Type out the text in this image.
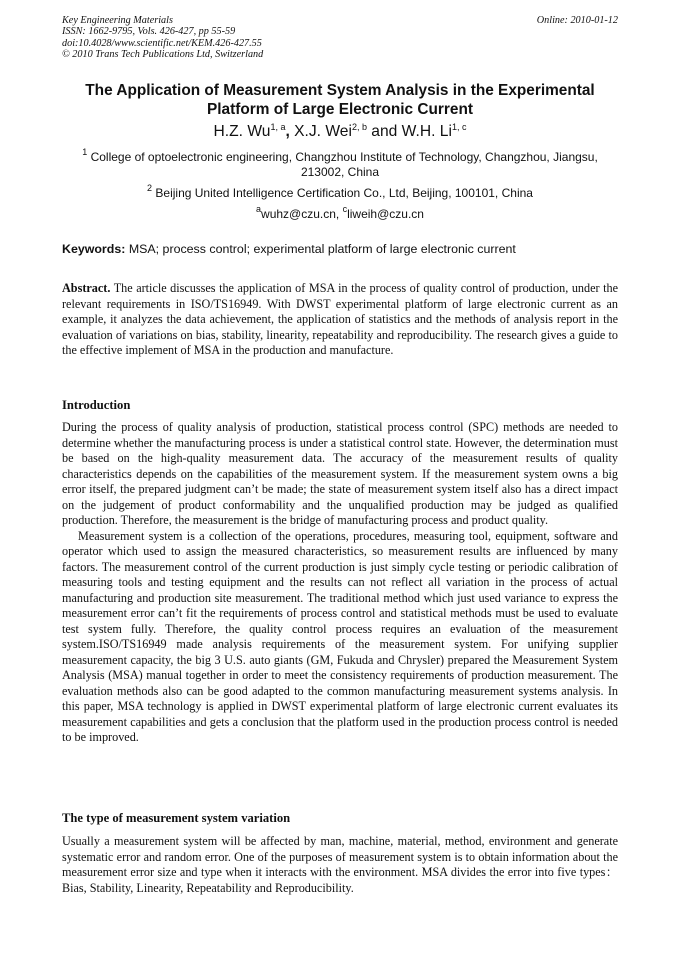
Key Engineering Materials
ISSN: 1662-9795, Vols. 426-427, pp 55-59
doi:10.4028/www.scientific.net/KEM.426-427.55
© 2010 Trans Tech Publications Ltd, Switzerland
Online: 2010-01-12
The Application of Measurement System Analysis in the Experimental Platform of Large Electronic Current
H.Z. Wu$^{1, a}$, X.J. Wei$^{2, b}$ and W.H. Li$^{1, c}$
$^1$ College of optoelectronic engineering, Changzhou Institute of Technology, Changzhou, Jiangsu, 213002, China
$^2$ Beijing United Intelligence Certification Co., Ltd, Beijing, 100101, China
$^a$wuhz@czu.cn, $^c$liweih@czu.cn
Keywords: MSA; process control; experimental platform of large electronic current
Abstract. The article discusses the application of MSA in the process of quality control of production, under the relevant requirements in ISO/TS16949. With DWST experimental platform of large electronic current as an example, it analyzes the data achievement, the application of statistics and the methods of analysis report in the evaluation of variations on bias, stability, linearity, repeatability and reproducibility. The research gives a guide to the effective implement of MSA in the production and manufacture.
Introduction

During the process of quality analysis of production, statistical process control (SPC) methods are needed to determine whether the manufacturing process is under a statistical control state. However, the determination must be based on the high-quality measurement data. The accuracy of the measurement results of quality characteristics depends on the capabilities of the measurement system. If the measurement system owns a big error itself, the prepared judgment can’t be made; the state of measurement system itself also has a direct impact on the judgement of product conformability and the unqualified production may be judged as qualified production. Therefore, the measurement is the bridge of manufacturing process and product quality.

Measurement system is a collection of the operations, procedures, measuring tool, equipment, software and operator which used to assign the measured characteristics, so measurement results are influenced by many factors. The measurement control of the current production is just simply cycle testing or periodic calibration of measuring tools and testing equipment and the results can not reflect all variation in the process of actual manufacturing and production site measurement. The traditional method which just used variance to express the measurement error can’t fit the requirements of process control and statistical methods must be used to evaluate test system fully. Therefore, the quality control process requires an evaluation of the measurement system.ISO/TS16949 made analysis requirements of the measurement system. For unifying supplier measurement capacity, the big 3 U.S. auto giants (GM, Fukuda and Chrysler) prepared the Measurement System Analysis (MSA) manual together in order to meet the consistency requirements of production measurement. The evaluation methods also can be good adapted to the common manufacturing measurement systems analysis. In this paper, MSA technology is applied in DWST experimental platform of large electronic current evaluates its measurement capabilities and gets a conclusion that the platform used in the production process control is needed to be improved.

The type of measurement system variation
Usually a measurement system will be affected by man, machine, material, method, environment and generate systematic error and random error. One of the purposes of measurement system is to obtain information about the measurement error size and type when it interacts with the environment. MSA divides the error into five types： Bias, Stability, Linearity, Repeatability and Reproducibility.
